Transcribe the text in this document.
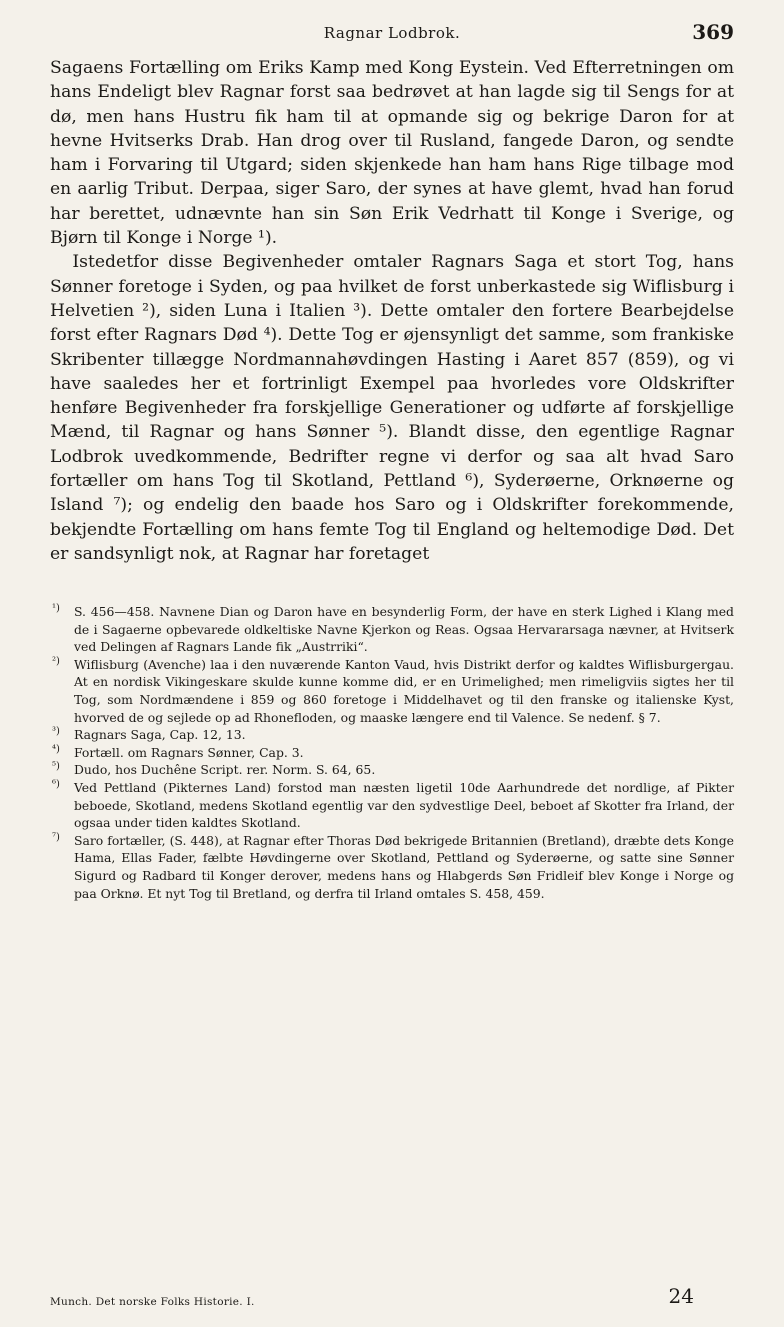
Ragnar Lodbrok.	369

Sagaens Fortælling om Eriks Kamp med Kong Eystein. Ved Efterretningen om hans Endeligt blev Ragnar forst saa bedrøvet at han lagde sig til Sengs for at dø, men hans Hustru fik ham til at opmande sig og bekrige Daron for at hevne Hvitserks Drab. Han drog over til Rusland, fangede Daron, og sendte ham i Forvaring til Utgard; siden skjenkede han ham hans Rige tilbage mod en aarlig Tribut. Derpaa, siger Saro, der synes at have glemt, hvad han forud har berettet, udnævnte han sin Søn Erik Vedrhatt til Konge i Sverige, og Bjørn til Konge i Norge ¹).

Istedetfor disse Begivenheder omtaler Ragnars Saga et stort Tog, hans Sønner foretoge i Syden, og paa hvilket de forst unberkastede sig Wiflisburg i Helvetien ²), siden Luna i Italien ³). Dette omtaler den fortere Bearbejdelse forst efter Ragnars Død ⁴). Dette Tog er øjensynligt det samme, som frankiske Skribenter tillægge Nordmannahøvdingen Hasting i Aaret 857 (859), og vi have saaledes her et fortrinligt Exempel paa hvorledes vore Oldskrifter henføre Begivenheder fra forskjellige Generationer og udførte af forskjellige Mænd, til Ragnar og hans Sønner ⁵). Blandt disse, den egentlige Ragnar Lodbrok uvedkommende, Bedrifter regne vi derfor og saa alt hvad Saro fortæller om hans Tog til Skotland, Pettland ⁶), Syderøerne, Orknøerne og Island ⁷); og endelig den baade hos Saro og i Oldskrifter forekommende, bekjendte Fortælling om hans femte Tog til England og heltemodige Død. Det er sandsynligt nok, at Ragnar har foretaget

¹) S. 456—458. Navnene Dian og Daron have en besynderlig Form, der have en sterk Lighed i Klang med de i Sagaerne opbevarede oldkeltiske Navne Kjerkon og Reas. Ogsaa Hervararsaga nævner, at Hvitserk ved Delingen af Ragnars Lande fik „Austrriki“.

²) Wiflisburg (Avenche) laa i den nuværende Kanton Vaud, hvis Distrikt derfor og kaldtes Wiflisburgergau. At en nordisk Vikingeskare skulde kunne komme did, er en Urimelighed; men rimeligviis sigtes her til Tog, som Nordmændene i 859 og 860 foretoge i Middelhavet og til den franske og italienske Kyst, hvorved de og sejlede op ad Rhonefloden, og maaske længere end til Valence. Se nedenf. § 7.

³) Ragnars Saga, Cap. 12, 13.

⁴) Fortæll. om Ragnars Sønner, Cap. 3.

⁵) Dudo, hos Duchêne Script. rer. Norm. S. 64, 65.

⁶) Ved Pettland (Pikternes Land) forstod man næsten ligetil 10de Aarhundrede det nordlige, af Pikter beboede, Skotland, medens Skotland egentlig var den sydvestlige Deel, beboet af Skotter fra Irland, der ogsaa under tiden kaldtes Skotland.

⁷) Saro fortæller, (S. 448), at Ragnar efter Thoras Død bekrigede Britannien (Bretland), dræbte dets Konge Hama, Ellas Fader, fælbte Høvdingerne over Skotland, Pettland og Syderøerne, og satte sine Sønner Sigurd og Radbard til Konger derover, medens hans og Hlabgerds Søn Fridleif blev Konge i Norge og paa Orknø. Et nyt Tog til Bretland, og derfra til Irland omtales S. 458, 459.

Munch. Det norske Folks Historie. I.	24
